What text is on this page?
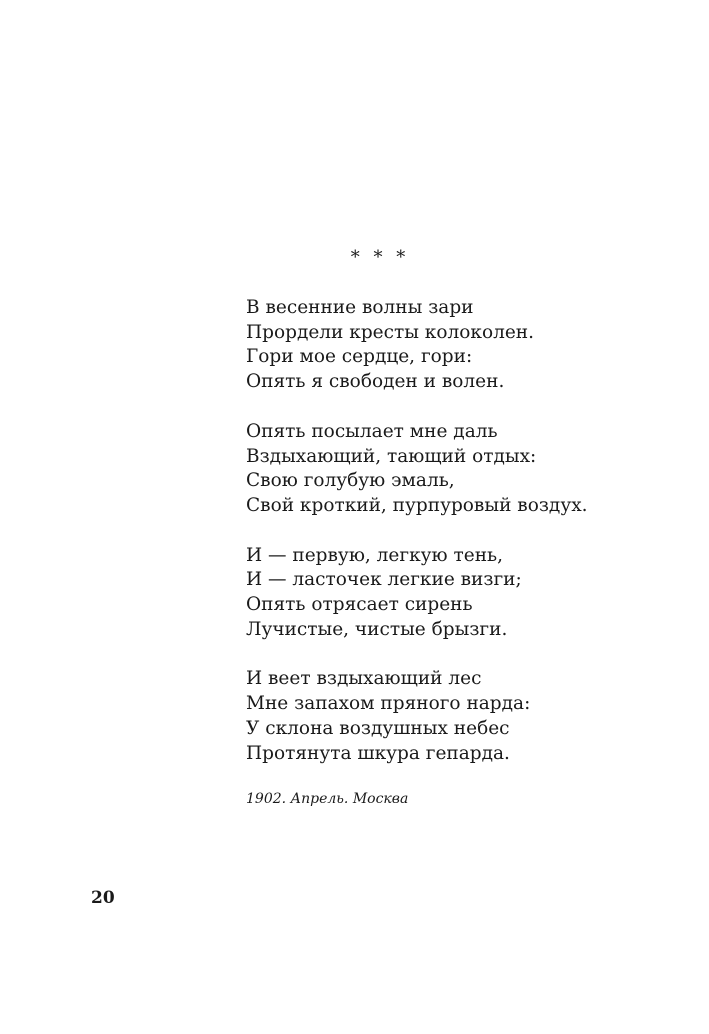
* * *
В весенние волны зари
Прордели кресты колоколен.
Гори мое сердце, гори:
Опять я свободен и волен.
Опять посылает мне даль
Вздыхающий, тающий отдых:
Свою голубую эмаль,
Свой кроткий, пурпуровый воздух.
И — первую, легкую тень,
И — ласточек легкие визги;
Опять отрясает сирень
Лучистые, чистые брызги.
И веет вздыхающий лес
Мне запахом пряного нарда:
У склона воздушных небес
Протянута шкура гепарда.
1902. Апрель. Москва
20
